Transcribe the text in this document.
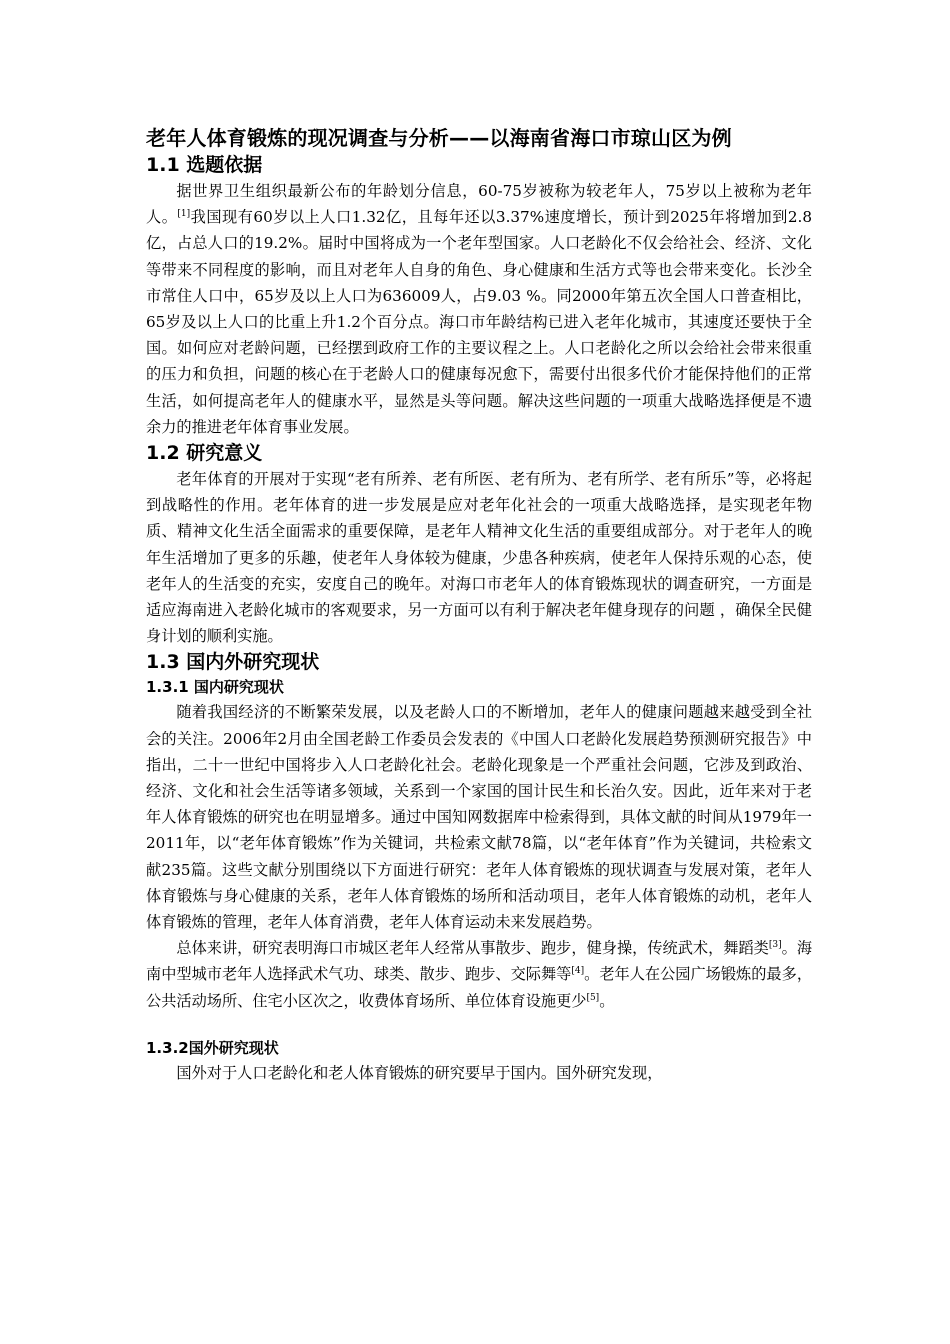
老年人体育锻炼的现况调查与分析——以海南省海口市琼山区为例
1.1 选题依据

据世界卫生组织最新公布的年龄划分信息，60-75岁被称为较老年人，75岁以上被称为老年人。[1]我国现有60岁以上人口1.32亿，且每年还以3.37%速度增长，预计到2025年将增加到2.8亿，占总人口的19.2%。届时中国将成为一个老年型国家。人口老龄化不仅会给社会、经济、文化等带来不同程度的影响，而且对老年人自身的角色、身心健康和生活方式等也会带来变化。长沙全市常住人口中，65岁及以上人口为636009人，占9.03 %。同2000年第五次全国人口普查相比，65岁及以上人口的比重上升1.2个百分点。海口市年龄结构已进入老年化城市，其速度还要快于全国。如何应对老龄问题，已经摆到政府工作的主要议程之上。人口老龄化之所以会给社会带来很重的压力和负担，问题的核心在于老龄人口的健康每况愈下，需要付出很多代价才能保持他们的正常生活，如何提高老年人的健康水平，显然是头等问题。解决这些问题的一项重大战略选择便是不遗余力的推进老年体育事业发展。

1.2 研究意义

老年体育的开展对于实现“老有所养、老有所医、老有所为、老有所学、老有所乐”等，必将起到战略性的作用。老年体育的进一步发展是应对老年化社会的一项重大战略选择，是实现老年物质、精神文化生活全面需求的重要保障，是老年人精神文化生活的重要组成部分。对于老年人的晚年生活增加了更多的乐趣，使老年人身体较为健康，少患各种疾病，使老年人保持乐观的心态，使老年人的生活变的充实，安度自己的晚年。对海口市老年人的体育锻炼现状的调查研究，一方面是适应海南进入老龄化城市的客观要求，另一方面可以有利于解决老年健身现存的问题 ，确保全民健身计划的顺利实施。

1.3 国内外研究现状
1.3.1 国内研究现状

随着我国经济的不断繁荣发展，以及老龄人口的不断增加，老年人的健康问题越来越受到全社会的关注。2006年2月由全国老龄工作委员会发表的《中国人口老龄化发展趋势预测研究报告》中指出，二十一世纪中国将步入人口老龄化社会。老龄化现象是一个严重社会问题，它涉及到政治、经济、文化和社会生活等诸多领域，关系到一个家国的国计民生和长治久安。因此，近年来对于老年人体育锻炼的研究也在明显增多。通过中国知网数据库中检索得到，具体文献的时间从1979年一2011年，以“老年体育锻炼”作为关键词，共检索文献78篇，以“老年体育”作为关键词，共检索文献235篇。这些文献分别围绕以下方面进行研究：老年人体育锻炼的现状调查与发展对策，老年人体育锻炼与身心健康的关系，老年人体育锻炼的场所和活动项目，老年人体育锻炼的动机，老年人体育锻炼的管理，老年人体育消费，老年人体育运动未来发展趋势。

总体来讲，研究表明海口市城区老年人经常从事散步、跑步，健身操，传统武术，舞蹈类[3]。海南中型城市老年人选择武术气功、球类、散步、跑步、交际舞等[4]。老年人在公园广场锻炼的最多，公共活动场所、住宅小区次之，收费体育场所、单位体育设施更少[5]。

1.3.2国外研究现状

国外对于人口老龄化和老人体育锻炼的研究要早于国内。国外研究发现，
